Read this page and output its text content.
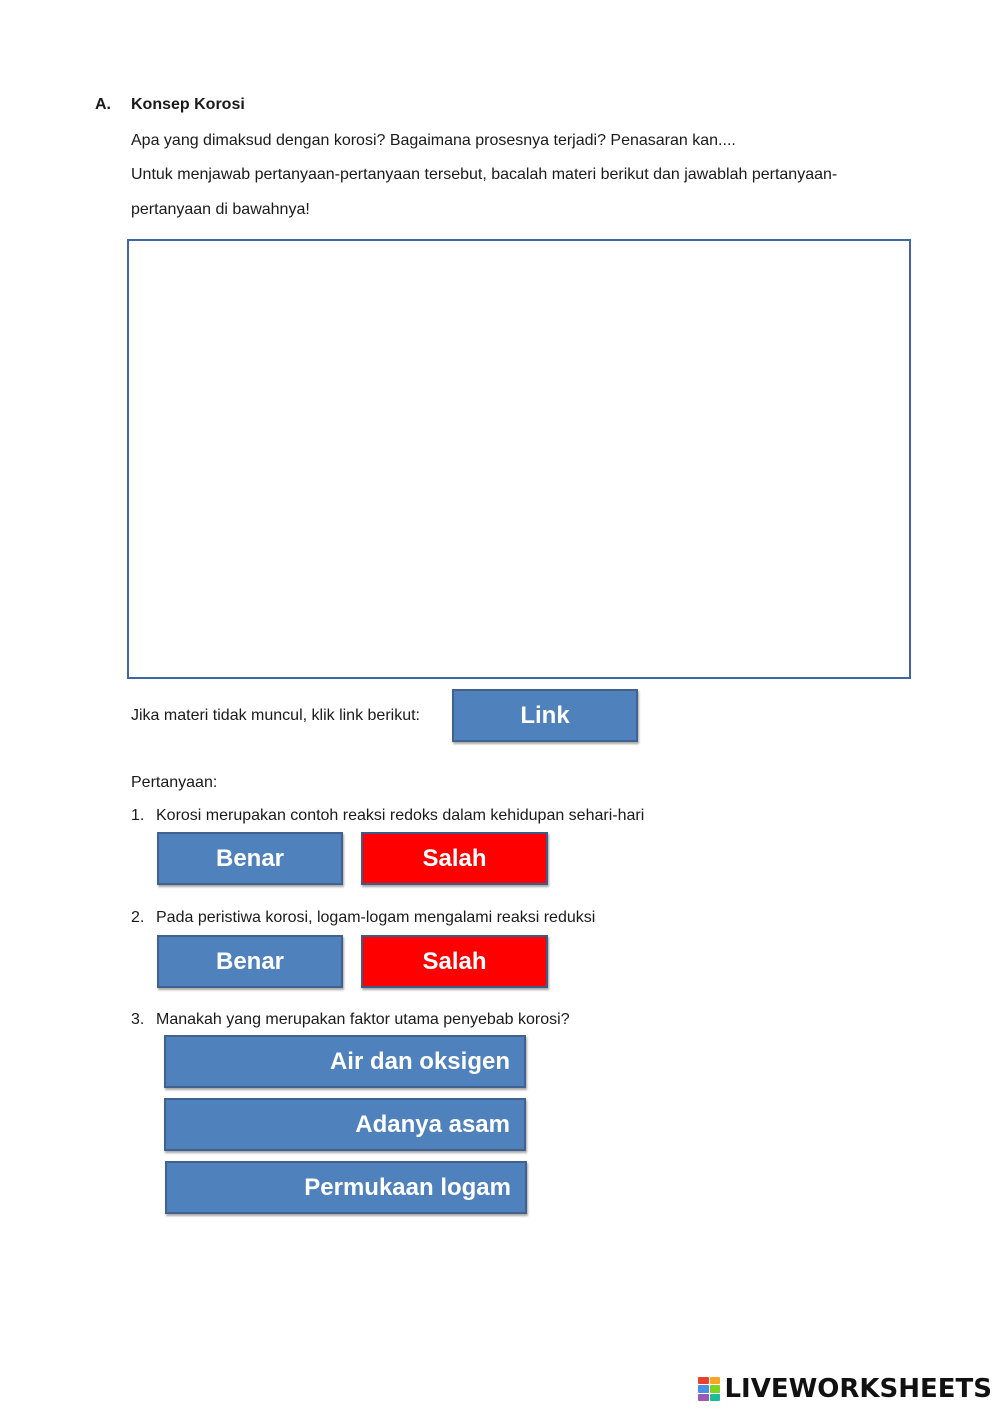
A. Konsep Korosi
Apa yang dimaksud dengan korosi? Bagaimana prosesnya terjadi? Penasaran kan....
Untuk menjawab pertanyaan-pertanyaan tersebut, bacalah materi berikut dan jawablah pertanyaan-
pertanyaan di bawahnya!
Jika materi tidak muncul, klik link berikut:	Link
Pertanyaan:
1. Korosi merupakan contoh reaksi redoks dalam kehidupan sehari-hari
Benar	Salah
2. Pada peristiwa korosi, logam-logam mengalami reaksi reduksi
Benar	Salah
3. Manakah yang merupakan faktor utama penyebab korosi?
Air dan oksigen
Adanya asam
Permukaan logam
LIVEWORKSHEETS
